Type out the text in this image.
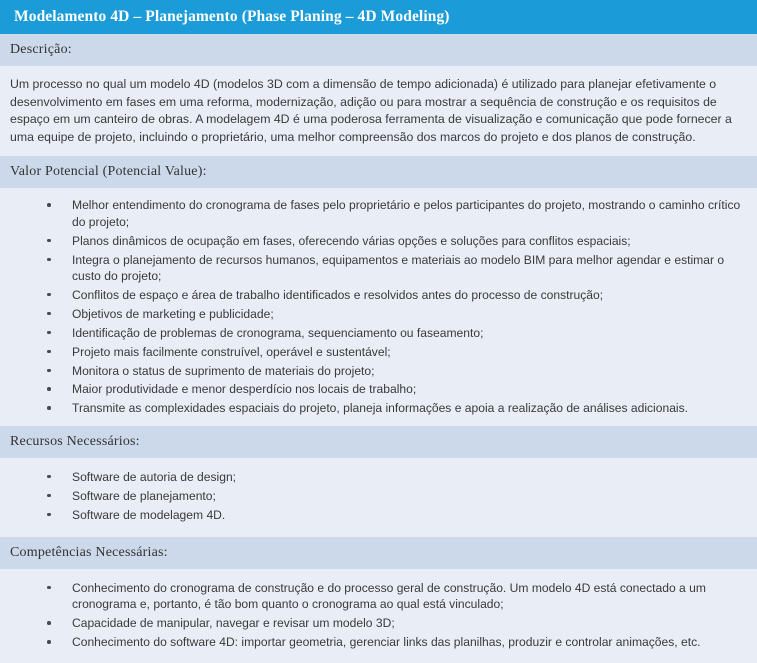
Modelamento 4D – Planejamento (Phase Planing – 4D Modeling)
Descrição:

Um processo no qual um modelo 4D (modelos 3D com a dimensão de tempo adicionada) é utilizado para planejar efetivamente o desenvolvimento em fases em uma reforma, modernização, adição ou para mostrar a sequência de construção e os requisitos de espaço em um canteiro de obras. A modelagem 4D é uma poderosa ferramenta de visualização e comunicação que pode fornecer a uma equipe de projeto, incluindo o proprietário, uma melhor compreensão dos marcos do projeto e dos planos de construção.

Valor Potencial (Potencial Value):
Melhor entendimento do cronograma de fases pelo proprietário e pelos participantes do projeto, mostrando o caminho crítico do projeto;
Planos dinâmicos de ocupação em fases, oferecendo várias opções e soluções para conflitos espaciais;
Integra o planejamento de recursos humanos, equipamentos e materiais ao modelo BIM para melhor agendar e estimar o custo do projeto;
Conflitos de espaço e área de trabalho identificados e resolvidos antes do processo de construção;
Objetivos de marketing e publicidade;
Identificação de problemas de cronograma, sequenciamento ou faseamento;
Projeto mais facilmente construível, operável e sustentável;
Monitora o status de suprimento de materiais do projeto;
Maior produtividade e menor desperdício nos locais de trabalho;
Transmite as complexidades espaciais do projeto, planeja informações e apoia a realização de análises adicionais.
Recursos Necessários:
Software de autoria de design;
Software de planejamento;
Software de modelagem 4D.
Competências Necessárias:
Conhecimento do cronograma de construção e do processo geral de construção. Um modelo 4D está conectado a um cronograma e, portanto, é tão bom quanto o cronograma ao qual está vinculado;
Capacidade de manipular, navegar e revisar um modelo 3D;
Conhecimento do software 4D: importar geometria, gerenciar links das planilhas, produzir e controlar animações, etc.
